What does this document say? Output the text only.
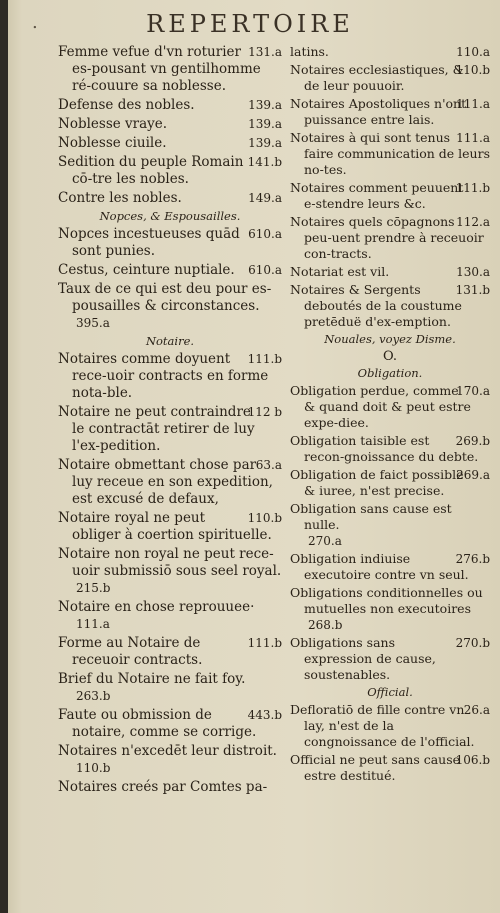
.	REPERTOIRE
131.a
Femme vefue d'vn roturier es-pousant vn gentilhomme ré-couure sa noblesse.
139.a
Defense des nobles.
139.a
Noblesse vraye.
139.a
Noblesse ciuile.
141.b
Sedition du peuple Romain cō-tre les nobles.
149.a
Contre les nobles.
Nopces, & Espousailles.
610.a
Nopces incestueuses quād sont punies.
610.a
Cestus, ceinture nuptiale.
Taux de ce qui est deu pour es-pousailles & circonstances.
395.a
Notaire.
111.b
Notaires comme doyuent rece-uoir contracts en forme nota-ble.
112 b
Notaire ne peut contraindre le contractāt retirer de luy l'ex-pedition.
63.a
Notaire obmettant chose par luy receue en son expedition, est excusé de defaux,
110.b
Notaire royal ne peut obliger à coertion spirituelle.
Notaire non royal ne peut rece-uoir submissiō sous seel royal.
215.b
Notaire en chose reprouuee·
111.a
111.b
Forme au Notaire de receuoir contracts.
Brief du Notaire ne fait foy.
263.b
443.b
Faute ou obmission de notaire, comme se corrige.
Notaires n'excedēt leur distroit.
110.b
Notaires creés par Comtes pa-
110.a
latins.
110.b
Notaires ecclesiastiques, & de leur pouuoir.
111.a
Notaires Apostoliques n'ont puissance entre lais.
111.a
Notaires à qui sont tenus faire communication de leurs no-tes.
111.b
Notaires comment peuuent e-stendre leurs &c.
112.a
Notaires quels cōpagnons peu-uent prendre à receuoir con-tracts.
130.a
Notariat est vil.
131.b
Notaires & Sergents deboutés de la coustume pretēduë d'ex-emption.
Nouales, voyez Disme.
O.
Obligation.
170.a
Obligation perdue, comme & quand doit & peut estre expe-diee.
269.b
Obligation taisible est recon-gnoissance du debte.
269.a
Obligation de faict possible & iuree, n'est precise.
Obligation sans cause est nulle.
270.a
276.b
Obligation indiuise executoire contre vn seul.
Obligations conditionnelles ou mutuelles non executoires
268.b
270.b
Obligations sans expression de cause, soustenables.
Official.
26.a
Defloratiō de fille contre vn lay, n'est de la congnoissance de l'official.
106.b
Official ne peut sans cause estre destitué.
